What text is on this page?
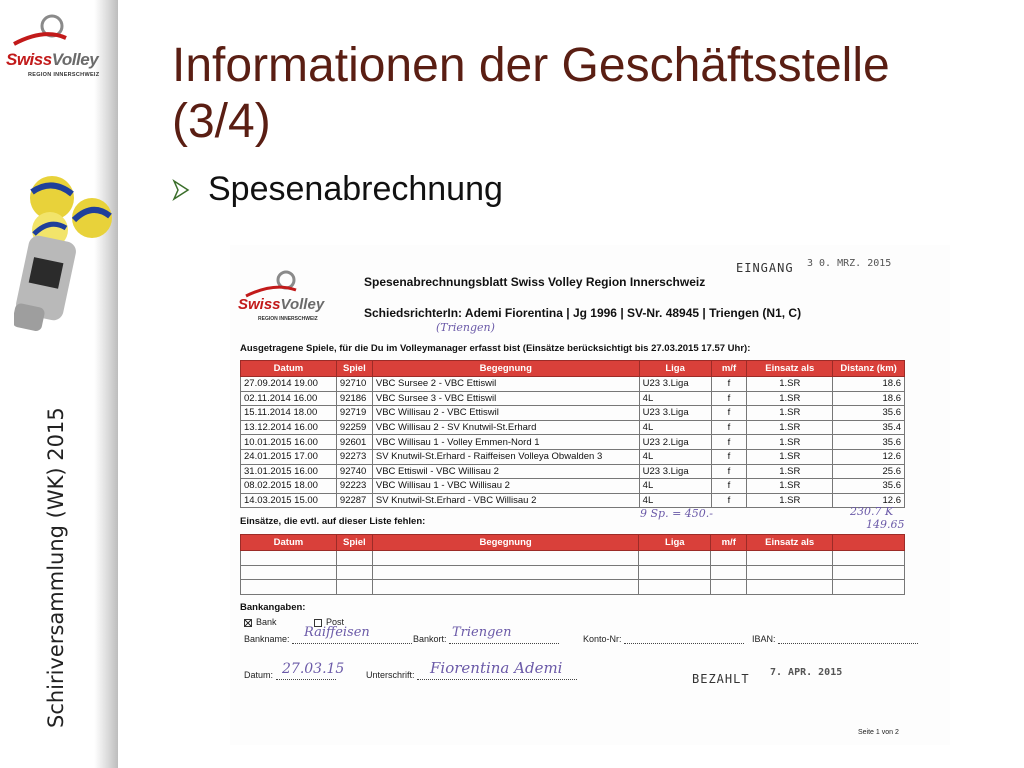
SwissVolley
REGION INNERSCHWEIZ
Schiriversammlung (WK) 2015
Informationen der Geschäftsstelle
(3/4)
Spesenabrechnung
EINGANG 3 0. MRZ. 2015
SwissVolley
REGION INNERSCHWEIZ
Spesenabrechnungsblatt Swiss Volley Region Innerschweiz
SchiedsrichterIn: Ademi Fiorentina | Jg 1996 | SV-Nr. 48945 | Triengen (N1, C)
(Triengen)
Ausgetragene Spiele, für die Du im Volleymanager erfasst bist (Einsätze berücksichtigt bis 27.03.2015 17.57 Uhr):
Datum	Spiel	Begegnung	Liga	m/f	Einsatz als	Distanz (km)
27.09.2014 19.00	92710	VBC Sursee 2 - VBC Ettiswil	U23 3.Liga	f	1.SR	18.6
02.11.2014 16.00	92186	VBC Sursee 3 - VBC Ettiswil	4L	f	1.SR	18.6
15.11.2014 18.00	92719	VBC Willisau 2 - VBC Ettiswil	U23 3.Liga	f	1.SR	35.6
13.12.2014 16.00	92259	VBC Willisau 2 - SV Knutwil-St.Erhard	4L	f	1.SR	35.4
10.01.2015 16.00	92601	VBC Willisau 1 - Volley Emmen-Nord 1	U23 2.Liga	f	1.SR	35.6
24.01.2015 17.00	92273	SV Knutwil-St.Erhard - Raiffeisen Volleya Obwalden 3	4L	f	1.SR	12.6
31.01.2015 16.00	92740	VBC Ettiswil - VBC Willisau 2	U23 3.Liga	f	1.SR	25.6
08.02.2015 18.00	92223	VBC Willisau 1 - VBC Willisau 2	4L	f	1.SR	35.6
14.03.2015 15.00	92287	SV Knutwil-St.Erhard - VBC Willisau 2	4L	f	1.SR	12.6
9 Sp. = 450.-	230.7 K
149.65
Einsätze, die evtl. auf dieser Liste fehlen:
Datum	Spiel	Begegnung	Liga	m/f	Einsatz als	

Bankangaben:
Bank	Post
Bankname:	Raiffeisen	Bankort: Triengen	Konto-Nr:	IBAN:
Datum: 27.03.15 Unterschrift:	Fiorentina Ademi
BEZAHLT 7. APR. 2015
Seite 1 von 2
